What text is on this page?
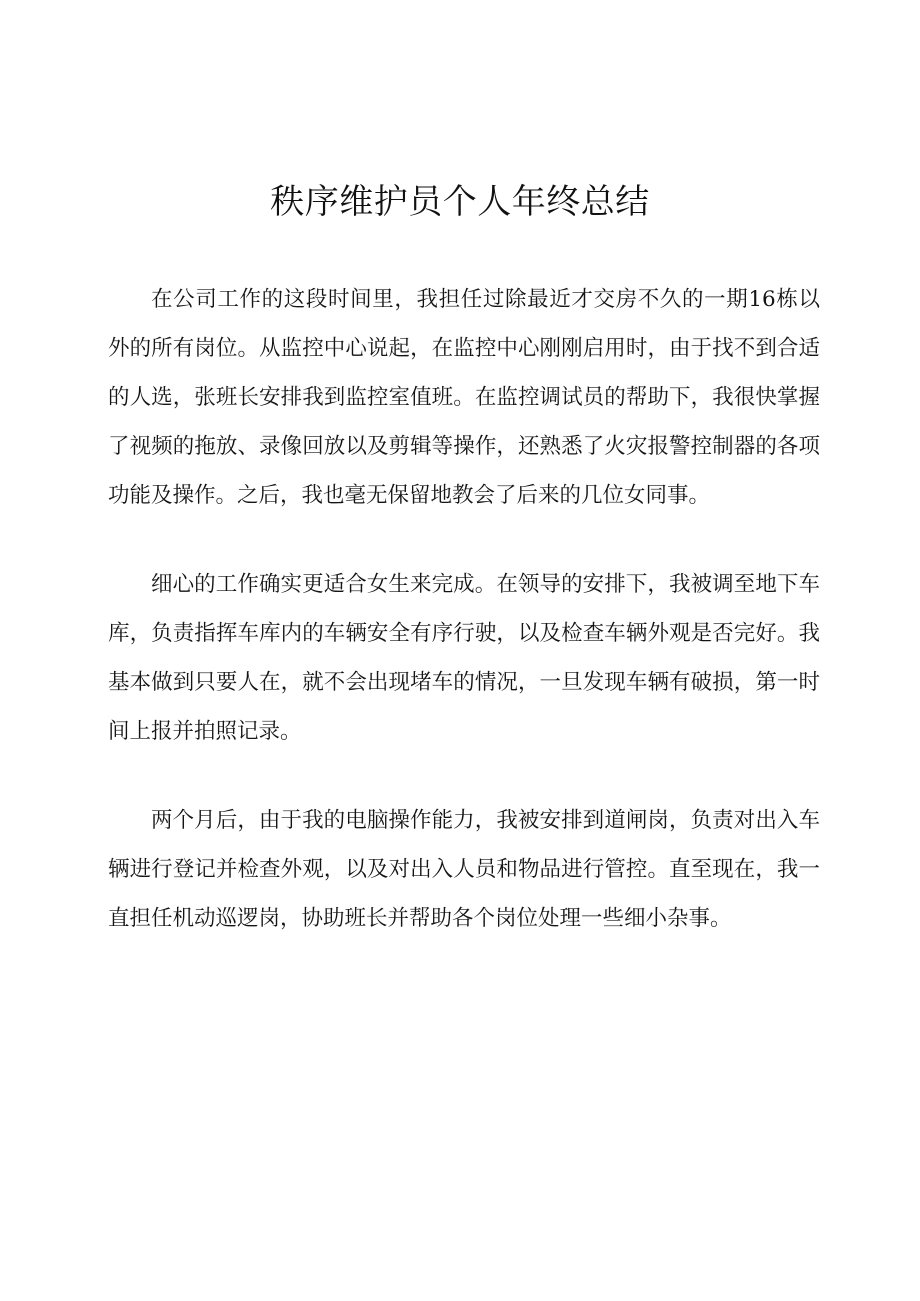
秩序维护员个人年终总结

在公司工作的这段时间里，我担任过除最近才交房不久的一期16栋以外的所有岗位。从监控中心说起，在监控中心刚刚启用时，由于找不到合适的人选，张班长安排我到监控室值班。在监控调试员的帮助下，我很快掌握了视频的拖放、录像回放以及剪辑等操作，还熟悉了火灾报警控制器的各项功能及操作。之后，我也毫无保留地教会了后来的几位女同事。

细心的工作确实更适合女生来完成。在领导的安排下，我被调至地下车库，负责指挥车库内的车辆安全有序行驶，以及检查车辆外观是否完好。我基本做到只要人在，就不会出现堵车的情况，一旦发现车辆有破损，第一时间上报并拍照记录。

两个月后，由于我的电脑操作能力，我被安排到道闸岗，负责对出入车辆进行登记并检查外观，以及对出入人员和物品进行管控。直至现在，我一直担任机动巡逻岗，协助班长并帮助各个岗位处理一些细小杂事。
